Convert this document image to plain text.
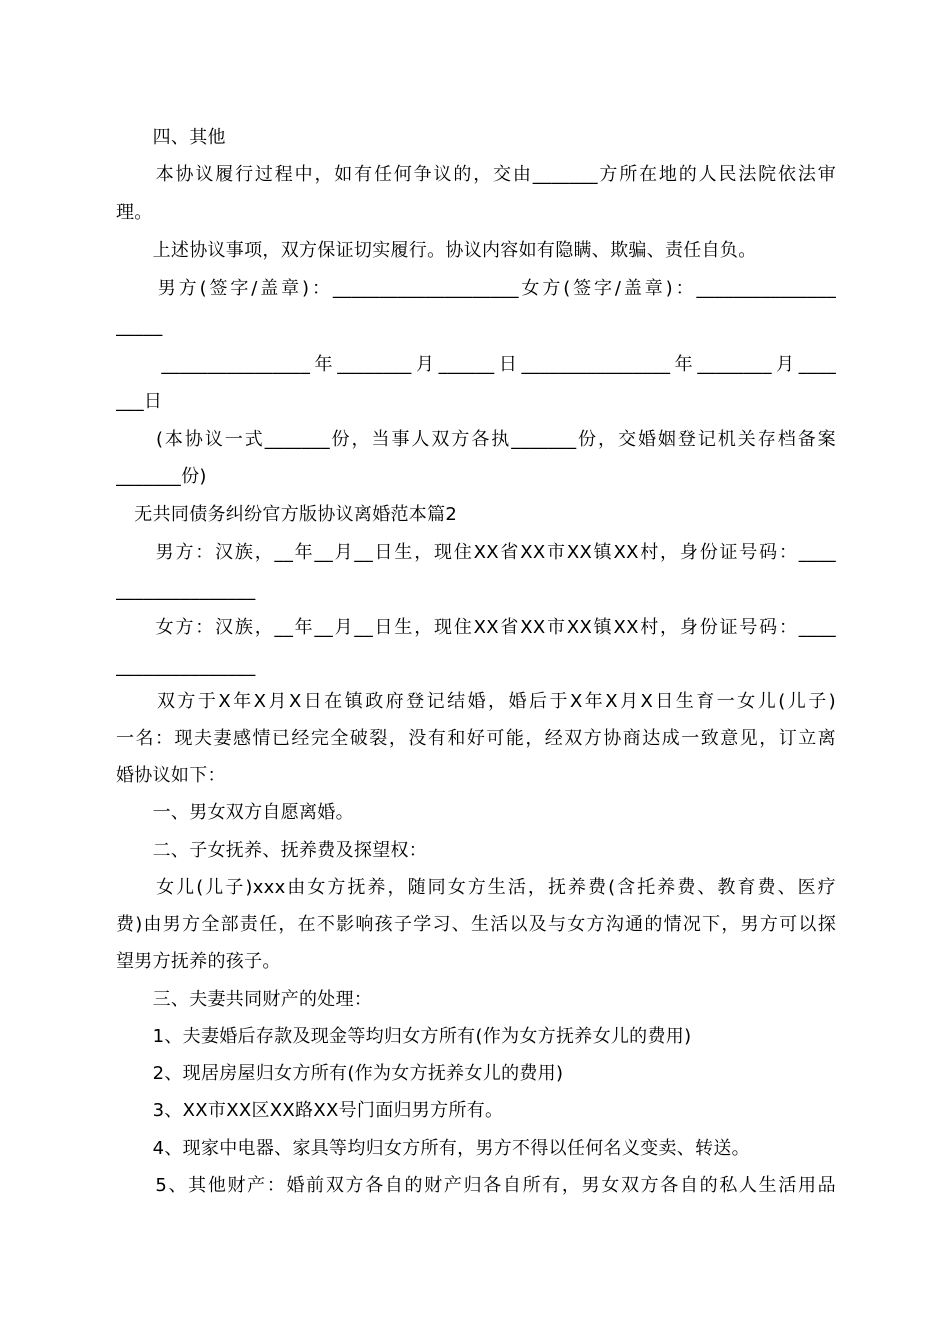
　　四、其他
　　本协议履行过程中，如有任何争议的，交由_______方所在地的人民法院依法审
理。
　　上述协议事项，双方保证切实履行。协议内容如有隐瞒、欺骗、责任自负。
　　男方(签字/盖章)：____________________女方(签字/盖章)：_______________
_____
　　________________年________月______日________________年________月____
___日
　　(本协议一式_______份，当事人双方各执_______份，交婚姻登记机关存档备案
_______份)
　无共同债务纠纷官方版协议离婚范本篇2
　　男方：汉族，__年__月__日生，现住XX省XX市XX镇XX村，身份证号码：____
_______________
　　女方：汉族，__年__月__日生，现住XX省XX市XX镇XX村，身份证号码：____
_______________
　　双方于X年X月X日在镇政府登记结婚，婚后于X年X月X日生育一女儿(儿子)
一名：现夫妻感情已经完全破裂，没有和好可能，经双方协商达成一致意见，订立离
婚协议如下：
　　一、男女双方自愿离婚。
　　二、子女抚养、抚养费及探望权：
　　女儿(儿子)xxx由女方抚养，随同女方生活，抚养费(含托养费、教育费、医疗
费)由男方全部责任，在不影响孩子学习、生活以及与女方沟通的情况下，男方可以探
望男方抚养的孩子。
　　三、夫妻共同财产的处理：
　　1、夫妻婚后存款及现金等均归女方所有(作为女方抚养女儿的费用)
　　2、现居房屋归女方所有(作为女方抚养女儿的费用)
　　3、XX市XX区XX路XX号门面归男方所有。
　　4、现家中电器、家具等均归女方所有，男方不得以任何名义变卖、转送。
　　5、其他财产：婚前双方各自的财产归各自所有，男女双方各自的私人生活用品
